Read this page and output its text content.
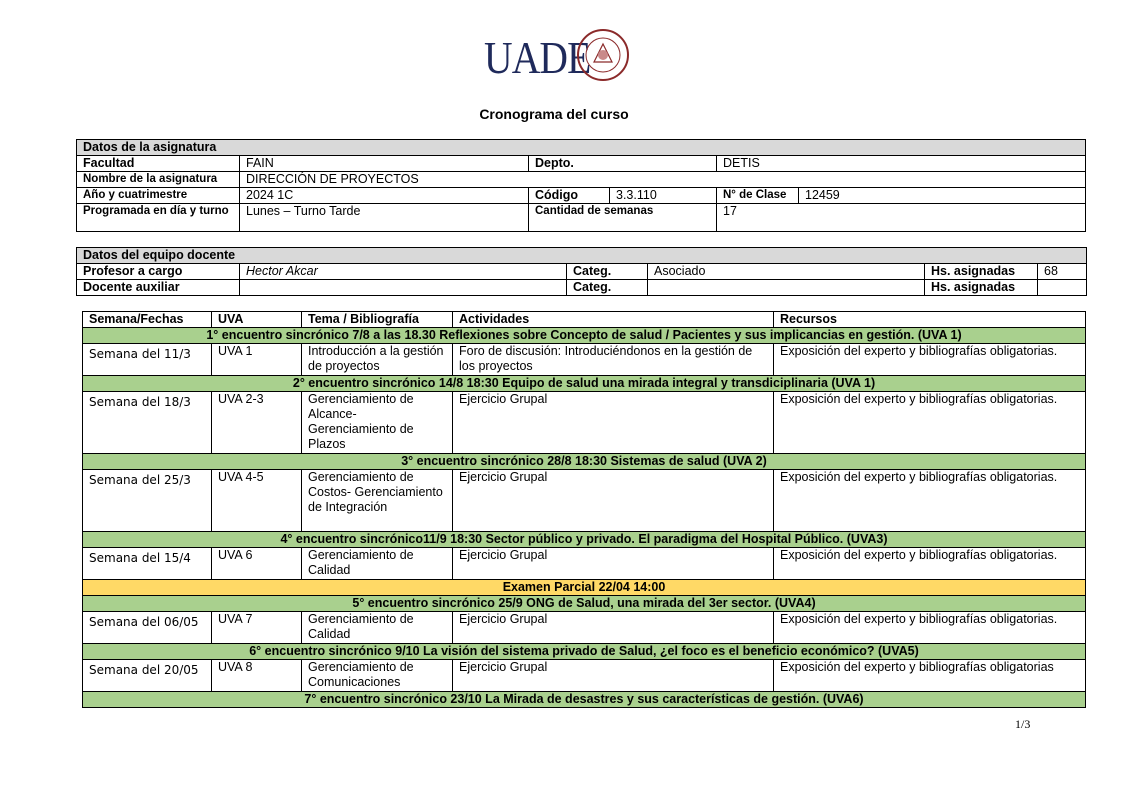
UADE
Cronograma del curso
Datos de la asignatura					
Facultad	FAIN	Depto.		DETIS	
Nombre de la asignatura	DIRECCIÓN DE PROYECTOS				
Año y cuatrimestre	2024 1C	Código	3.3.110	N° de Clase	12459
Programada en día y turno	Lunes – Turno Tarde	Cantidad de semanas		17	
Datos del equipo docente					
Profesor a cargo	Hector Akcar	Categ.	Asociado	Hs. asignadas	68
Docente auxiliar		Categ.		Hs. asignadas	
Semana/Fechas	UVA	Tema / Bibliografía	Actividades	Recursos
1° encuentro sincrónico 7/8 a las 18.30 Reflexiones sobre Concepto de salud / Pacientes y sus implicancias en gestión. (UVA 1)				
Semana del 11/3	UVA 1	Introducción a la gestión de proyectos	Foro de discusión: Introduciéndonos en la gestión de los proyectos	Exposición del experto y bibliografías obligatorias.
2° encuentro sincrónico 14/8 18:30 Equipo de salud una mirada integral y transdiciplinaria (UVA 1)				
Semana del 18/3	UVA 2-3	Gerenciamiento de Alcance- Gerenciamiento de Plazos	Ejercicio Grupal	Exposición del experto y bibliografías obligatorias.
3° encuentro sincrónico 28/8 18:30 Sistemas de salud (UVA 2)				
Semana del 25/3	UVA 4-5	Gerenciamiento de Costos- Gerenciamiento de Integración	Ejercicio Grupal	Exposición del experto y bibliografías obligatorias.
4° encuentro sincrónico11/9 18:30 Sector público y privado. El paradigma del Hospital Público. (UVA3)				
Semana del 15/4	UVA 6	Gerenciamiento de Calidad	Ejercicio Grupal	Exposición del experto y bibliografías obligatorias.
Examen Parcial 22/04 14:00				
5° encuentro sincrónico 25/9 ONG de Salud, una mirada del 3er sector. (UVA4)				
Semana del 06/05	UVA 7	Gerenciamiento de Calidad	Ejercicio Grupal	Exposición del experto y bibliografías obligatorias.
6° encuentro sincrónico 9/10 La visión del sistema privado de Salud, ¿el foco es el beneficio económico? (UVA5)				
Semana del 20/05	UVA 8	Gerenciamiento de Comunicaciones	Ejercicio Grupal	Exposición del experto y bibliografías obligatorias
7° encuentro sincrónico 23/10 La Mirada de desastres y sus características de gestión. (UVA6)				
1/3
